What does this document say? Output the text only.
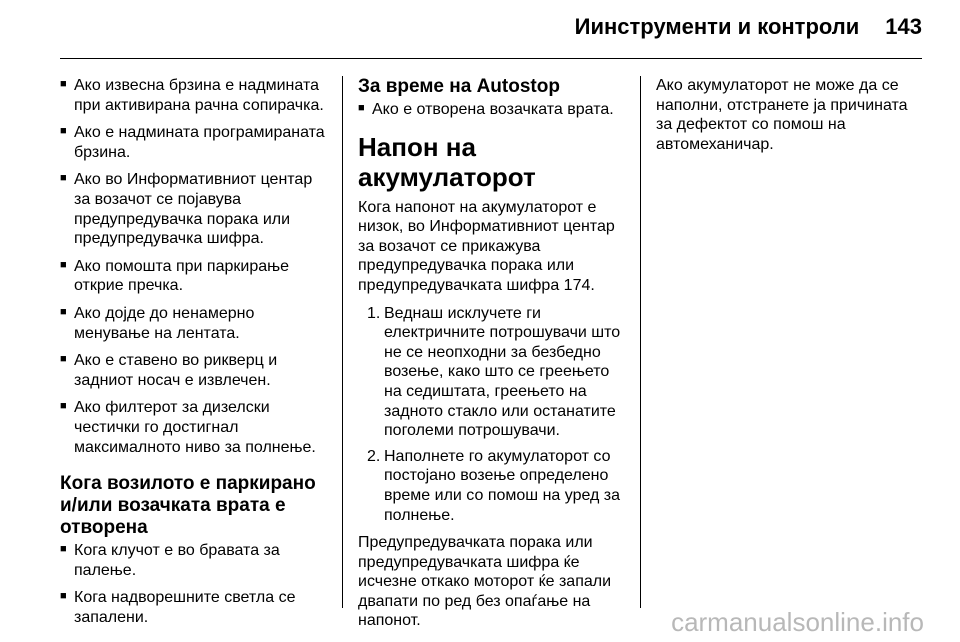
Иинструменти и контроли 143
■ Ако извесна брзина е надмината при активирана рачна сопирачка.
■ Ако е надмината програмираната брзина.
■ Ако во Информативниот центар за возачот се појавува предупредувачка порака или предупредувачка шифра.
■ Ако помошта при паркирање открие пречка.
■ Ако дојде до ненамерно менување на лентата.
■ Ако е ставено во рикверц и задниот носач е извлечен.
■ Ако филтерот за дизелски честички го достигнал максималното ниво за полнење.
Кога возилото е паркирано и/или возачката врата е отворена
■ Кога клучот е во бравата за палење.
■ Кога надворешните светла се запалени.
За време на Autostop
■ Ако е отворена возачката врата.
Напон на акумулаторот

Кога напонот на акумулаторот е низок, во Информативниот центар за возачот се прикажува предупредувачка порака или предупредувачката шифра 174.

1. Веднаш исклучете ги електричните потрошувачи што не се неопходни за безбедно возење, како што се греењето на седиштата, греењето на задното стакло или останатите поголеми потрошувачи.
2. Наполнете го акумулаторот со постојано возење определено време или со помош на уред за полнење.

Предупредувачката порака или предупредувачката шифра ќе исчезне откако моторот ќе запали двапати по ред без опаѓање на напонот.

Ако акумулаторот не може да се наполни, отстранете ја причината за дефектот со помош на автомеханичар.

carmanualsonline.info
